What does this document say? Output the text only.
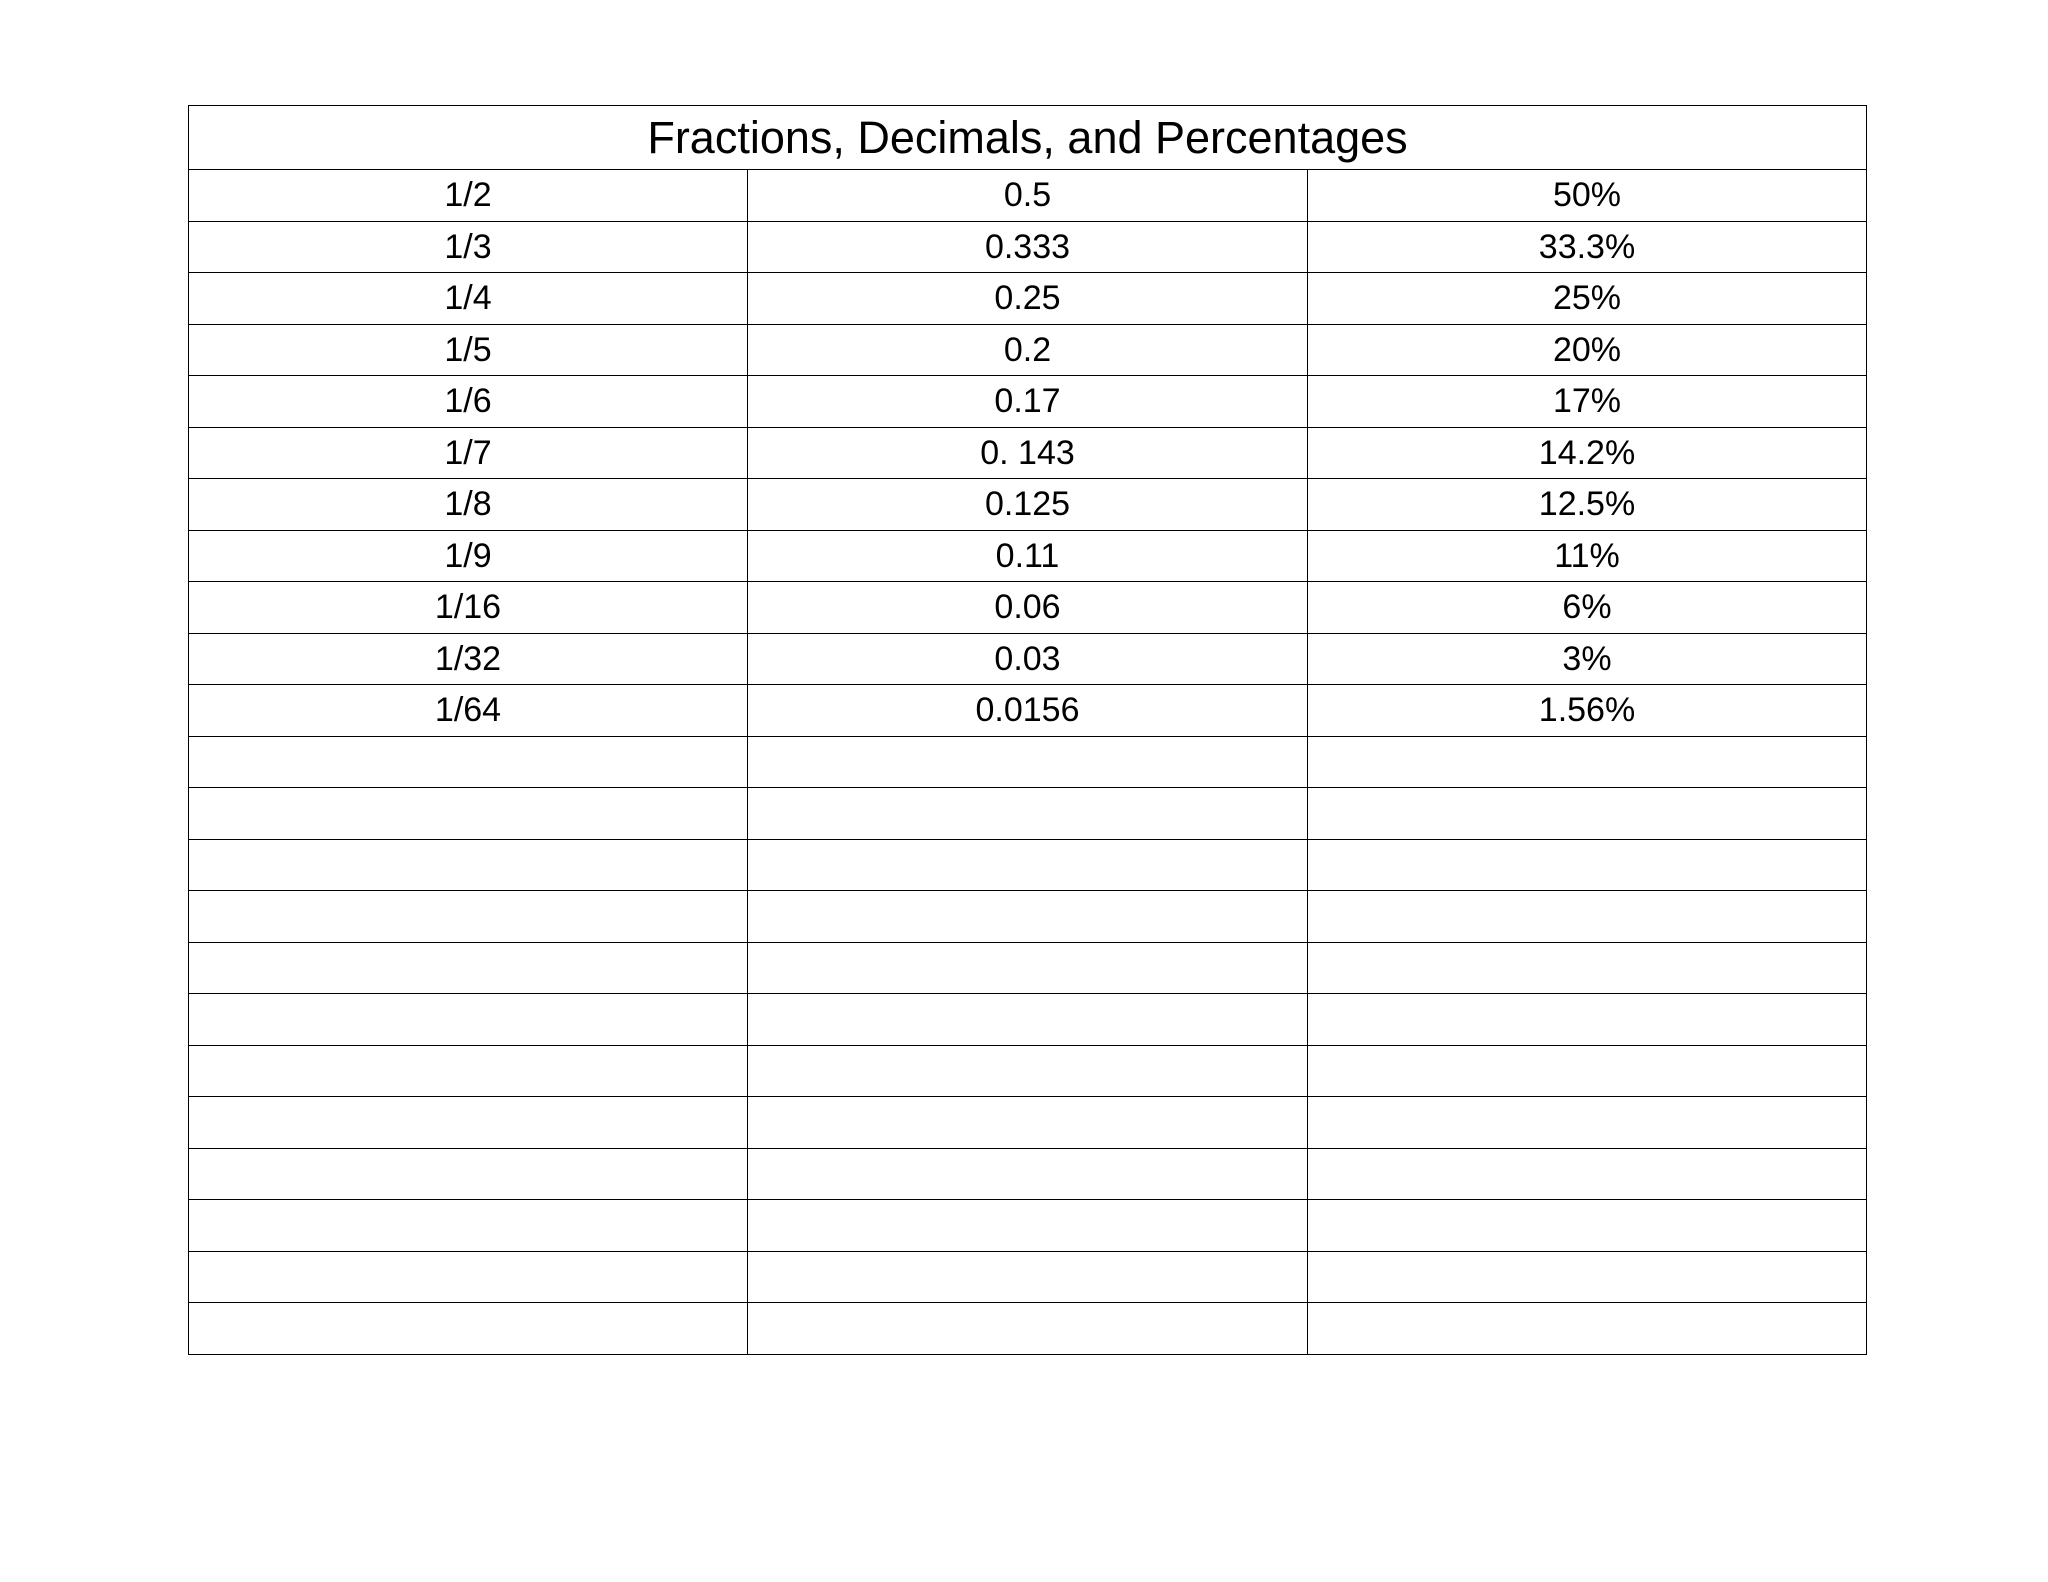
Fractions, Decimals, and Percentages		
1/2	0.5	50%
1/3	0.333	33.3%
1/4	0.25	25%
1/5	0.2	20%
1/6	0.17	17%
1/7	0. 143	14.2%
1/8	0.125	12.5%
1/9	0.11	11%
1/16	0.06	6%
1/32	0.03	3%
1/64	0.0156	1.56%
